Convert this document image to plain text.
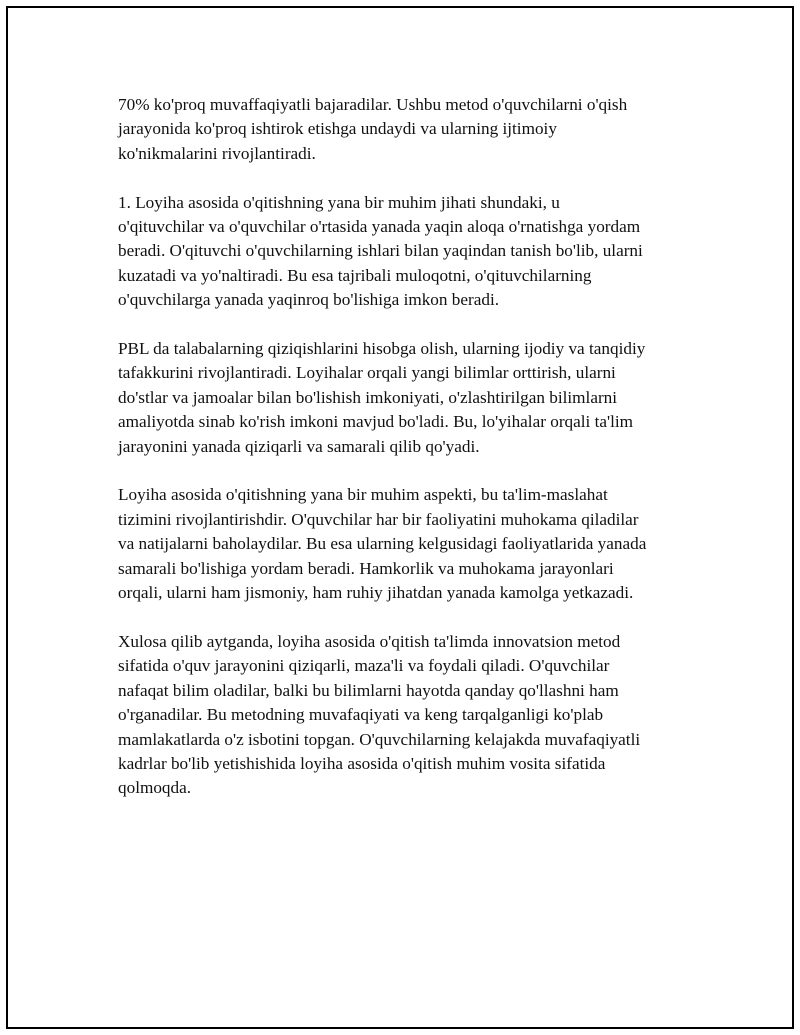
70% ko'proq muvaffaqiyatli bajaradilar. Ushbu metod o'quvchilarni o'qish
jarayonida ko'proq ishtirok etishga undaydi va ularning ijtimoiy
ko'nikmalarini rivojlantiradi.

1. Loyiha asosida o'qitishning yana bir muhim jihati shundaki, u
o'qituvchilar va o'quvchilar o'rtasida yanada yaqin aloqa o'rnatishga yordam
beradi. O'qituvchi o'quvchilarning ishlari bilan yaqindan tanish bo'lib, ularni
kuzatadi va yo'naltiradi. Bu esa tajribali muloqotni, o'qituvchilarning
o'quvchilarga yanada yaqinroq bo'lishiga imkon beradi.

PBL da talabalarning qiziqishlarini hisobga olish, ularning ijodiy va tanqidiy
tafakkurini rivojlantiradi. Loyihalar orqali yangi bilimlar orttirish, ularni
do'stlar va jamoalar bilan bo'lishish imkoniyati, o'zlashtirilgan bilimlarni
amaliyotda sinab ko'rish imkoni mavjud bo'ladi. Bu, lo'yihalar orqali ta'lim
jarayonini yanada qiziqarli va samarali qilib qo'yadi.

Loyiha asosida o'qitishning yana bir muhim aspekti, bu ta'lim-maslahat
tizimini rivojlantirishdir. O'quvchilar har bir faoliyatini muhokama qiladilar
va natijalarni baholaydilar. Bu esa ularning kelgusidagi faoliyatlarida yanada
samarali bo'lishiga yordam beradi. Hamkorlik va muhokama jarayonlari
orqali, ularni ham jismoniy, ham ruhiy jihatdan yanada kamolga yetkazadi.

Xulosa qilib aytganda, loyiha asosida o'qitish ta'limda innovatsion metod
sifatida o'quv jarayonini qiziqarli, maza'li va foydali qiladi. O'quvchilar
nafaqat bilim oladilar, balki bu bilimlarni hayotda qanday qo'llashni ham
o'rganadilar. Bu metodning muvafaqiyati va keng tarqalganligi ko'plab
mamlakatlarda o'z isbotini topgan. O'quvchilarning kelajakda muvafaqiyatli
kadrlar bo'lib yetishishida loyiha asosida o'qitish muhim vosita sifatida
qolmoqda.
